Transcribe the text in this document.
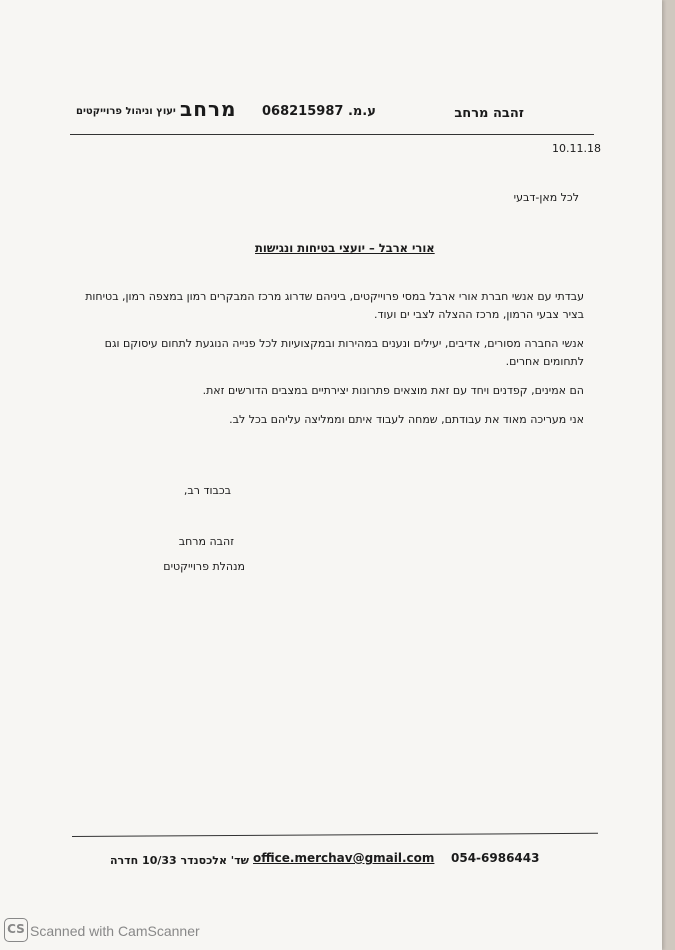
זהבה מרחב
ע.מ. 068215987
מרחב
יעוץ וניהול פרוייקטים
10.11.18
לכל מאן-דבעי
אורי ארבל – יועצי בטיחות ונגישות

עבדתי עם אנשי חברת אורי ארבל במסי פרוייקטים, ביניהם שדרוג מרכז המבקרים רמון במצפה רמון, בטיחות בציר צבעי הרמון, מרכז ההצלה לצבי ים ועוד.

אנשי החברה מסורים, אדיבים, יעילים ונענים במהירות ובמקצועיות לכל פנייה הנוגעת לתחום עיסוקם וגם לתחומים אחרים.

הם אמינים, קפדנים ויחד עם זאת מוצאים פתרונות יצירתיים במצבים הדורשים זאת.

אני מעריכה מאוד את עבודתם, שמחה לעבוד איתם וממליצה עליהם בכל לב.

בכבוד רב,
זהבה מרחב
מנהלת פרוייקטים
054-6986443
office.merchav@gmail.com
שד' אלכסנדר 10/33 חדרה
CS Scanned with CamScanner
